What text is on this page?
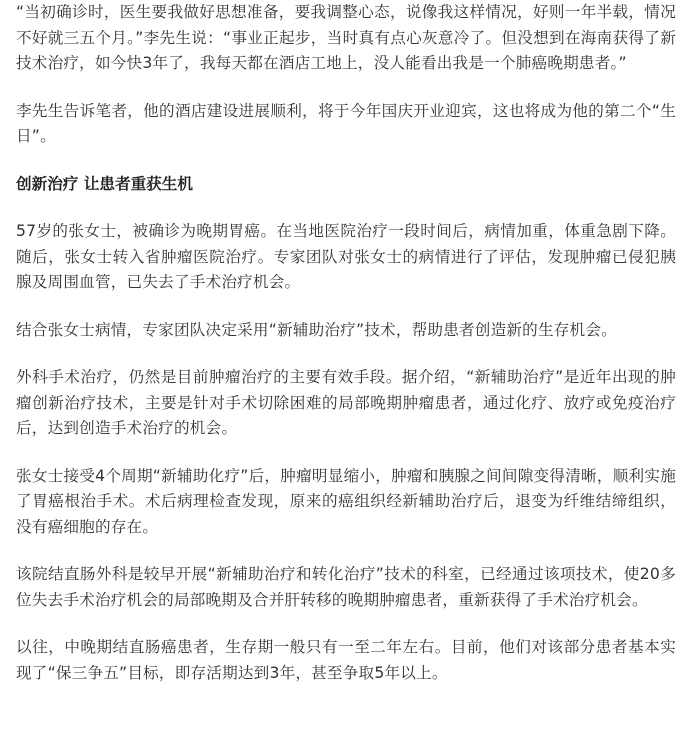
“当初确诊时，医生要我做好思想准备，要我调整心态，说像我这样情况，好则一年半载，情况不好就三五个月。”李先生说：“事业正起步，当时真有点心灰意冷了。但没想到在海南获得了新技术治疗，如今快3年了，我每天都在酒店工地上，没人能看出我是一个肺癌晚期患者。”

李先生告诉笔者，他的酒店建设进展顺利，将于今年国庆开业迎宾，这也将成为他的第二个“生日”。

创新治疗 让患者重获生机

57岁的张女士，被确诊为晚期胃癌。在当地医院治疗一段时间后，病情加重，体重急剧下降。随后，张女士转入省肿瘤医院治疗。专家团队对张女士的病情进行了评估，发现肿瘤已侵犯胰腺及周围血管，已失去了手术治疗机会。

结合张女士病情，专家团队决定采用“新辅助治疗”技术，帮助患者创造新的生存机会。

外科手术治疗，仍然是目前肿瘤治疗的主要有效手段。据介绍，“新辅助治疗”是近年出现的肿瘤创新治疗技术，主要是针对手术切除困难的局部晚期肿瘤患者，通过化疗、放疗或免疫治疗后，达到创造手术治疗的机会。

张女士接受4个周期“新辅助化疗”后，肿瘤明显缩小，肿瘤和胰腺之间间隙变得清晰，顺利实施了胃癌根治手术。术后病理检查发现，原来的癌组织经新辅助治疗后，退变为纤维结缔组织，没有癌细胞的存在。

该院结直肠外科是较早开展“新辅助治疗和转化治疗”技术的科室，已经通过该项技术，使20多位失去手术治疗机会的局部晚期及合并肝转移的晚期肿瘤患者，重新获得了手术治疗机会。

以往，中晚期结直肠癌患者，生存期一般只有一至二年左右。目前，他们对该部分患者基本实现了“保三争五”目标，即存活期达到3年，甚至争取5年以上。
